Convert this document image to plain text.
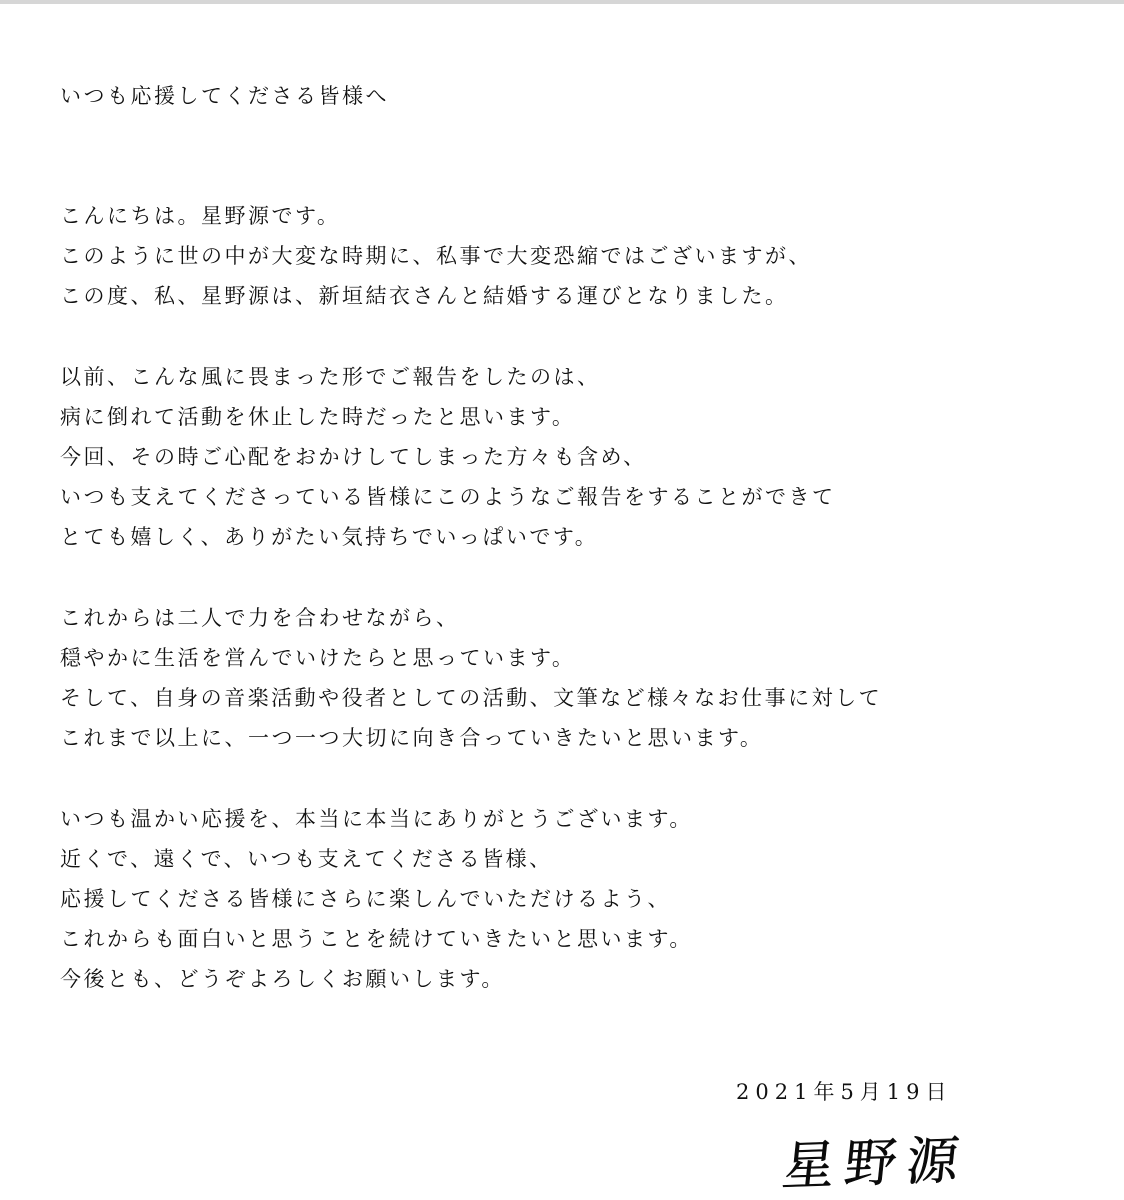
いつも応援してくださる皆様へ
こんにちは。星野源です。
このように世の中が大変な時期に、私事で大変恐縮ではございますが、
この度、私、星野源は、新垣結衣さんと結婚する運びとなりました。
以前、こんな風に畏まった形でご報告をしたのは、
病に倒れて活動を休止した時だったと思います。
今回、その時ご心配をおかけしてしまった方々も含め、
いつも支えてくださっている皆様にこのようなご報告をすることができて
とても嬉しく、ありがたい気持ちでいっぱいです。
これからは二人で力を合わせながら、
穏やかに生活を営んでいけたらと思っています。
そして、自身の音楽活動や役者としての活動、文筆など様々なお仕事に対して
これまで以上に、一つ一つ大切に向き合っていきたいと思います。
いつも温かい応援を、本当に本当にありがとうございます。
近くで、遠くで、いつも支えてくださる皆様、
応援してくださる皆様にさらに楽しんでいただけるよう、
これからも面白いと思うことを続けていきたいと思います。
今後とも、どうぞよろしくお願いします。
2021年5月19日
星野源
